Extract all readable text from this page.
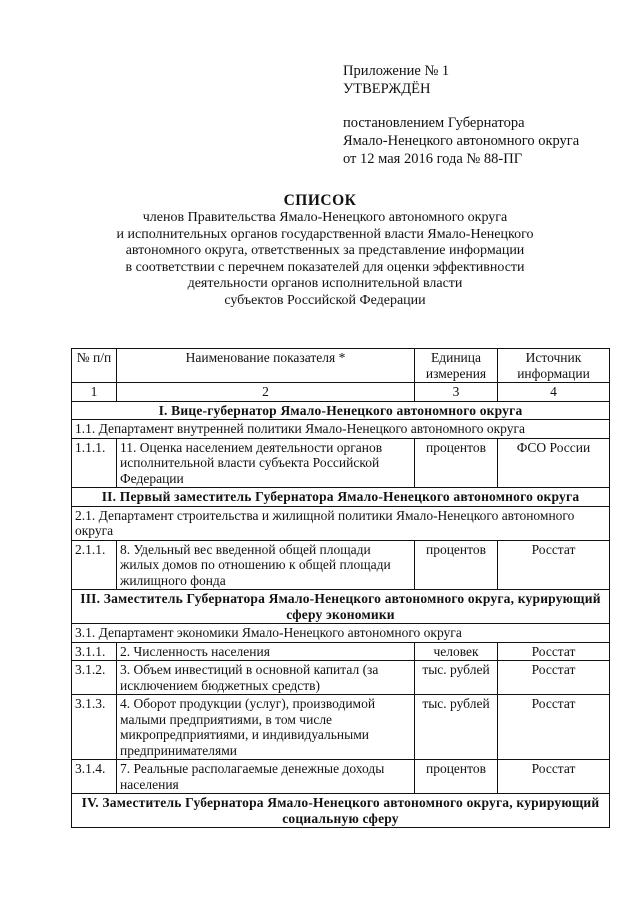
Приложение № 1
УТВЕРЖДЁН
постановлением Губернатора
Ямало-Ненецкого автономного округа
от 12 мая 2016 года № 88-ПГ
СПИСОК
членов Правительства Ямало-Ненецкого автономного округа
и исполнительных органов государственной власти Ямало-Ненецкого
автономного округа, ответственных за представление информации
в соответствии с перечнем показателей для оценки эффективности
деятельности органов исполнительной власти
субъектов Российской Федерации
№ п/п	Наименование показателя *	Единица измерения	Источник информации
1	2	3	4
I. Вице-губернатор Ямало-Ненецкого автономного округа			
1.1. Департамент внутренней политики Ямало-Ненецкого автономного округа			
1.1.1.	11. Оценка населением деятельности органов исполнительной власти субъекта Российской Федерации	процентов	ФСО России
II. Первый заместитель Губернатора Ямало-Ненецкого автономного округа			
2.1. Департамент строительства и жилищной политики Ямало-Ненецкого автономного округа			
2.1.1.	8. Удельный вес введенной общей площади жилых домов по отношению к общей площади жилищного фонда	процентов	Росстат
III. Заместитель Губернатора Ямало-Ненецкого автономного округа, курирующий сферу экономики			
3.1. Департамент экономики Ямало-Ненецкого автономного округа			
3.1.1.	2. Численность населения	человек	Росстат
3.1.2.	3. Объем инвестиций в основной капитал (за исключением бюджетных средств)	тыс. рублей	Росстат
3.1.3.	4. Оборот продукции (услуг), производимой малыми предприятиями, в том числе микропредприятиями, и индивидуальными предпринимателями	тыс. рублей	Росстат
3.1.4.	7. Реальные располагаемые денежные доходы населения	процентов	Росстат
IV. Заместитель Губернатора Ямало-Ненецкого автономного округа, курирующий социальную сферу			
